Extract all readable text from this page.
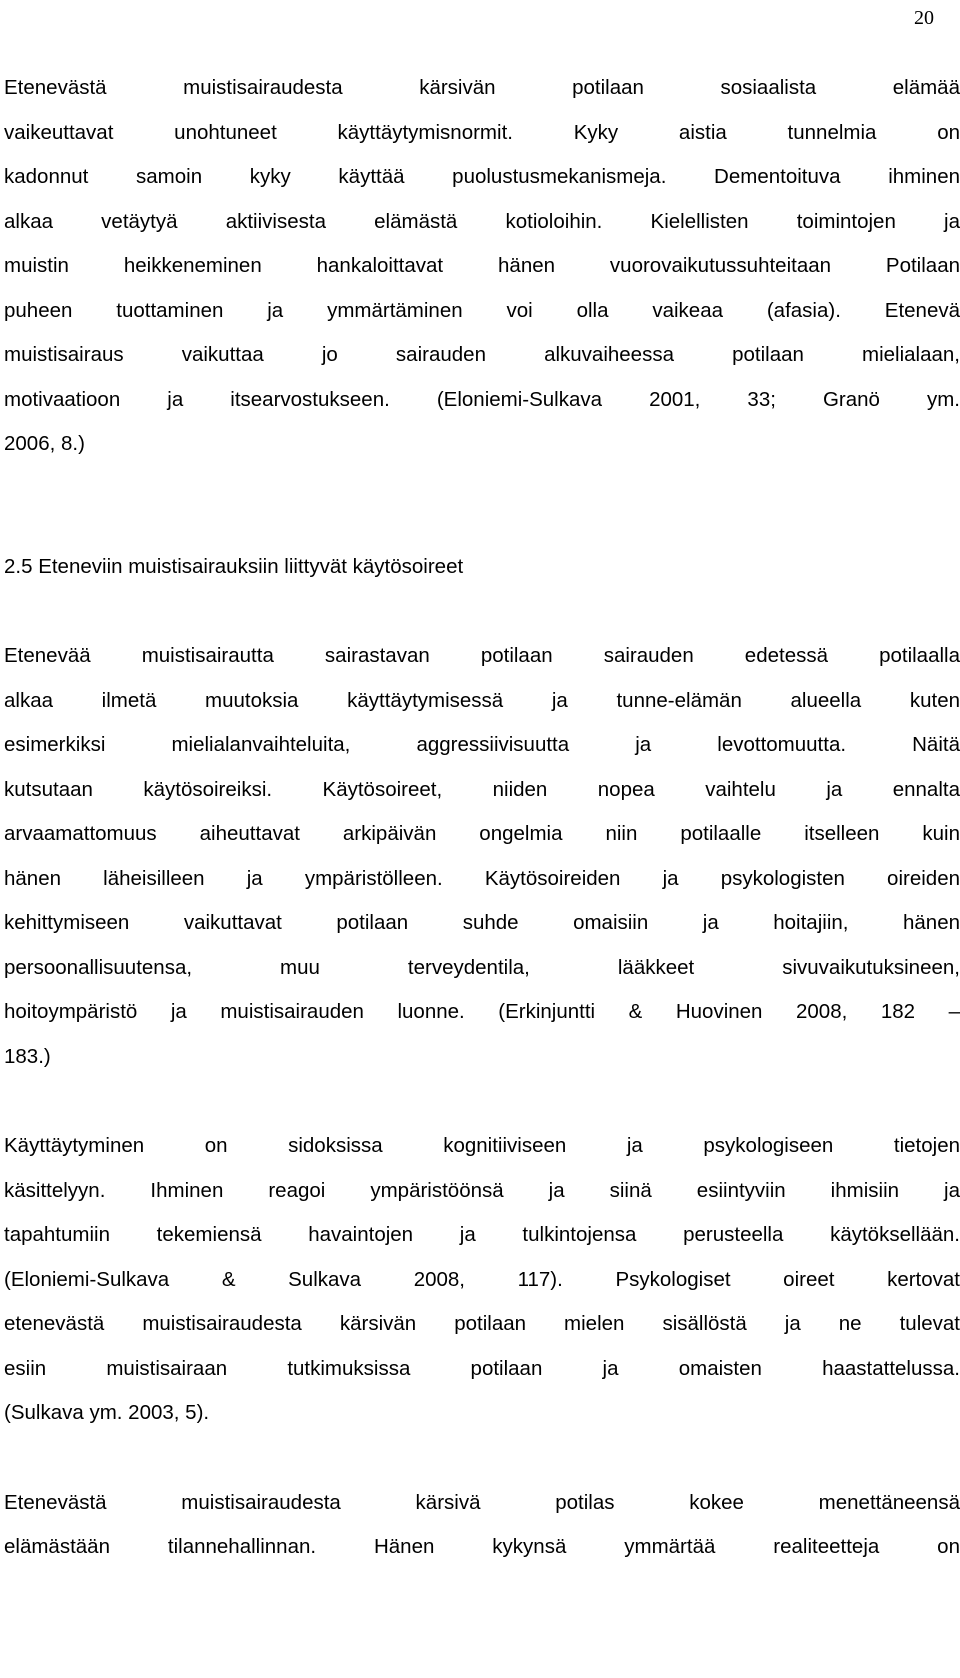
20

Etenevästä muistisairaudesta kärsivän potilaan sosiaalista elämää
vaikeuttavat unohtuneet käyttäytymisnormit. Kyky aistia tunnelmia on
kadonnut samoin kyky käyttää puolustusmekanismeja. Dementoituva ihminen
alkaa vetäytyä aktiivisesta elämästä kotioloihin. Kielellisten toimintojen ja
muistin heikkeneminen hankaloittavat hänen vuorovaikutussuhteitaan Potilaan
puheen tuottaminen ja ymmärtäminen voi olla vaikeaa (afasia). Etenevä
muistisairaus vaikuttaa jo sairauden alkuvaiheessa potilaan mielialaan,
motivaatioon ja itsearvostukseen. (Eloniemi-Sulkava 2001, 33; Granö ym.
2006, 8.)

2.5 Eteneviin muistisairauksiin liittyvät käytösoireet

Etenevää muistisairautta sairastavan potilaan sairauden edetessä potilaalla
alkaa ilmetä muutoksia käyttäytymisessä ja tunne-elämän alueella kuten
esimerkiksi mielialanvaihteluita, aggressiivisuutta ja levottomuutta. Näitä
kutsutaan käytösoireiksi. Käytösoireet, niiden nopea vaihtelu ja ennalta
arvaamattomuus aiheuttavat arkipäivän ongelmia niin potilaalle itselleen kuin
hänen läheisilleen ja ympäristölleen. Käytösoireiden ja psykologisten oireiden
kehittymiseen vaikuttavat potilaan suhde omaisiin ja hoitajiin, hänen
persoonallisuutensa, muu terveydentila, lääkkeet sivuvaikutuksineen,
hoitoympäristö ja muistisairauden luonne. (Erkinjuntti & Huovinen 2008, 182 –
183.)

Käyttäytyminen on sidoksissa kognitiiviseen ja psykologiseen tietojen
käsittelyyn. Ihminen reagoi ympäristöönsä ja siinä esiintyviin ihmisiin ja
tapahtumiin tekemiensä havaintojen ja tulkintojensa perusteella käytöksellään.
(Eloniemi-Sulkava & Sulkava 2008, 117). Psykologiset oireet kertovat
etenevästä muistisairaudesta kärsivän potilaan mielen sisällöstä ja ne tulevat
esiin muistisairaan tutkimuksissa potilaan ja omaisten haastattelussa.
(Sulkava ym. 2003, 5).

Etenevästä muistisairaudesta kärsivä potilas kokee menettäneensä
elämästään tilannehallinnan. Hänen kykynsä ymmärtää realiteetteja on
